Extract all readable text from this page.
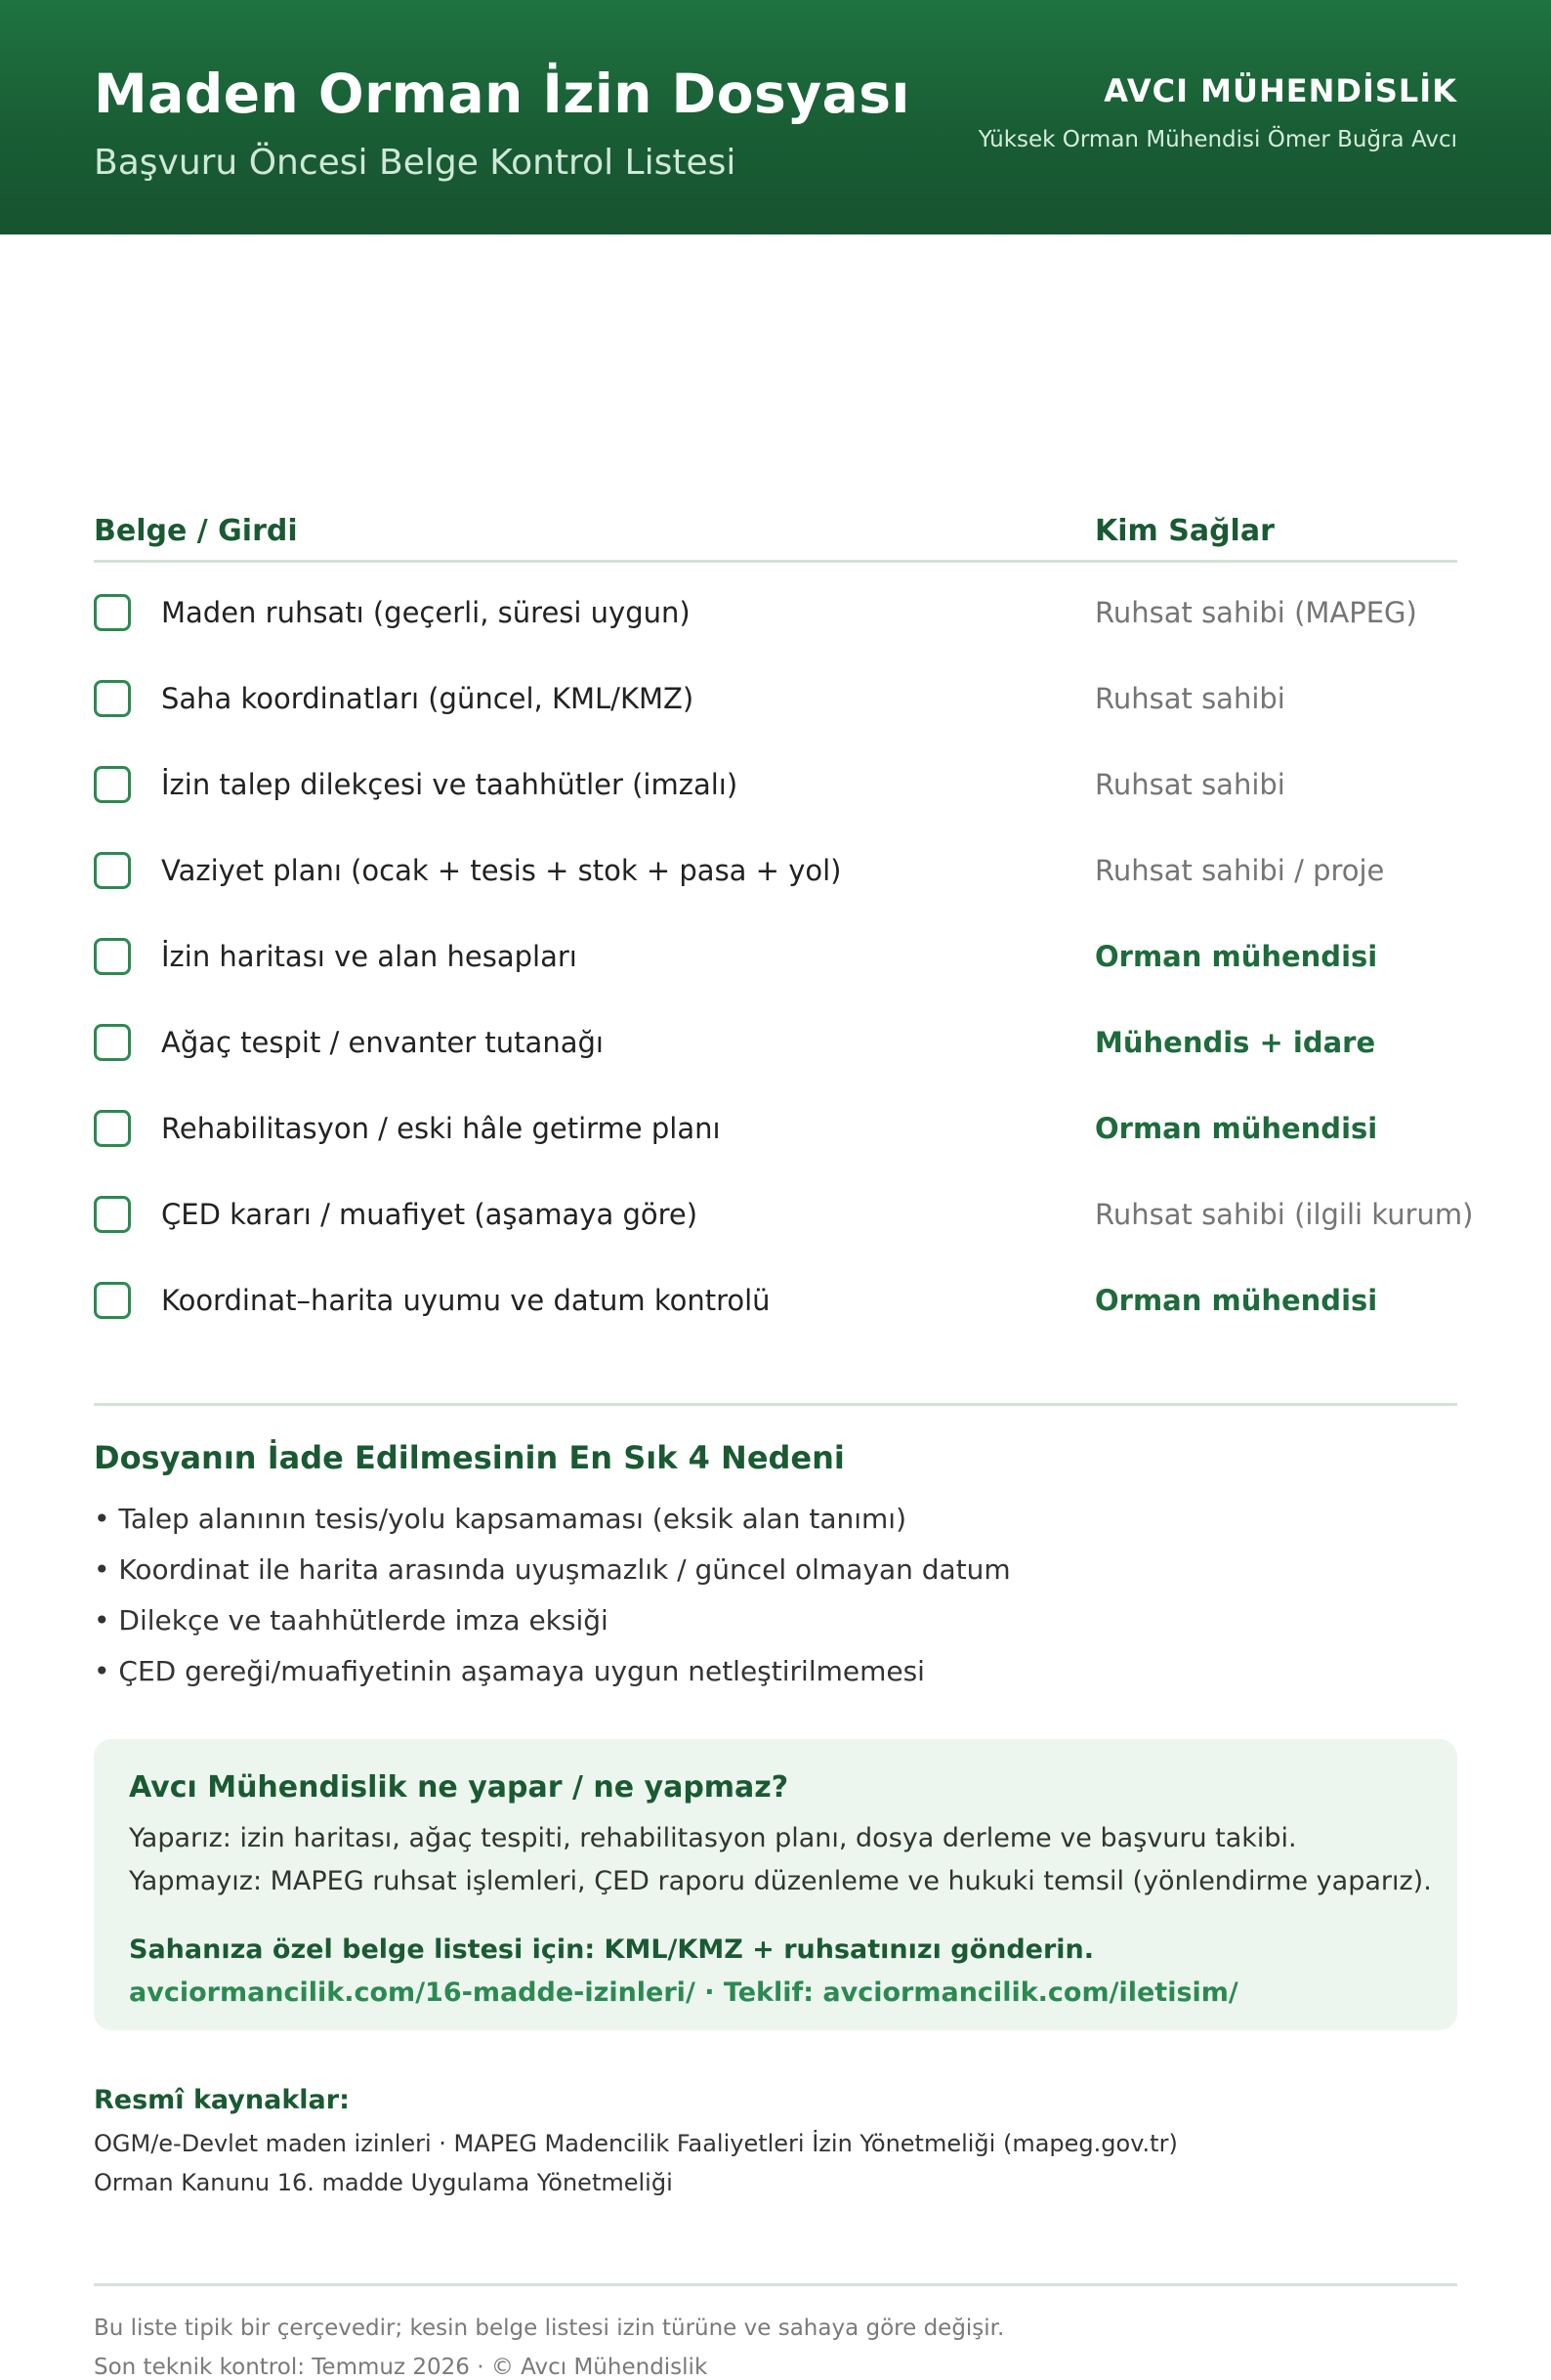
Maden Orman İzin Dosyası
Başvuru Öncesi Belge Kontrol Listesi
AVCI MÜHENDİSLİK
Yüksek Orman Mühendisi Ömer Buğra Avcı
Belge / Girdi	Kim Sağlar
Maden ruhsatı (geçerli, süresi uygun)	Ruhsat sahibi (MAPEG)
Saha koordinatları (güncel, KML/KMZ)	Ruhsat sahibi
İzin talep dilekçesi ve taahhütler (imzalı)	Ruhsat sahibi
Vaziyet planı (ocak + tesis + stok + pasa + yol)	Ruhsat sahibi / proje
İzin haritası ve alan hesapları	Orman mühendisi
Ağaç tespit / envanter tutanağı	Mühendis + idare
Rehabilitasyon / eski hâle getirme planı	Orman mühendisi
ÇED kararı / muafiyet (aşamaya göre)	Ruhsat sahibi (ilgili kurum)
Koordinat–harita uyumu ve datum kontrolü	Orman mühendisi
Dosyanın İade Edilmesinin En Sık 4 Nedeni
• Talep alanının tesis/yolu kapsamaması (eksik alan tanımı)
• Koordinat ile harita arasında uyuşmazlık / güncel olmayan datum
• Dilekçe ve taahhütlerde imza eksiği
• ÇED gereği/muafiyetinin aşamaya uygun netleştirilmemesi
Avcı Mühendislik ne yapar / ne yapmaz?
Yaparız: izin haritası, ağaç tespiti, rehabilitasyon planı, dosya derleme ve başvuru takibi.
Yapmayız: MAPEG ruhsat işlemleri, ÇED raporu düzenleme ve hukuki temsil (yönlendirme yaparız).
Sahanıza özel belge listesi için: KML/KMZ + ruhsatınızı gönderin.
avciormancilik.com/16-madde-izinleri/ · Teklif: avciormancilik.com/iletisim/
Resmî kaynaklar:
OGM/e-Devlet maden izinleri · MAPEG Madencilik Faaliyetleri İzin Yönetmeliği (mapeg.gov.tr)
Orman Kanunu 16. madde Uygulama Yönetmeliği
Bu liste tipik bir çerçevedir; kesin belge listesi izin türüne ve sahaya göre değişir.
Son teknik kontrol: Temmuz 2026 · © Avcı Mühendislik
